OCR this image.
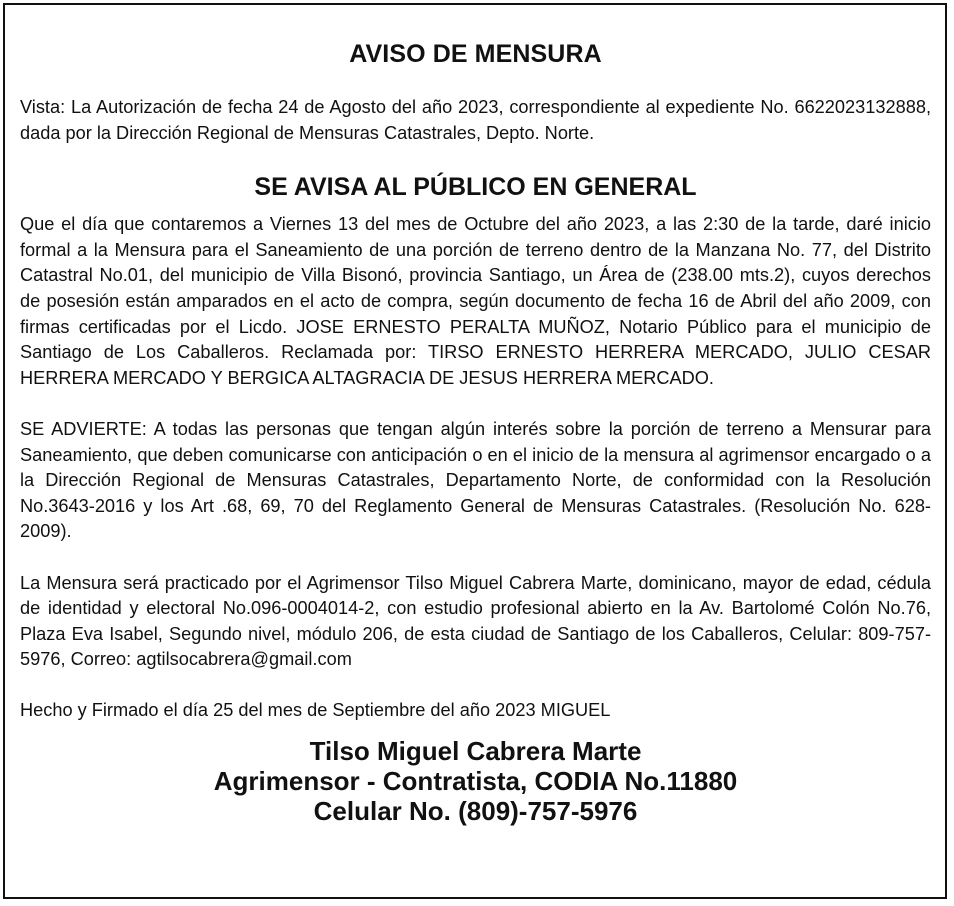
AVISO DE MENSURA

Vista: La Autorización de fecha 24 de Agosto del año 2023, correspondiente al expediente No. 6622023132888, dada por la Dirección Regional de Mensuras Catastrales, Depto. Norte.

SE AVISA AL PÚBLICO EN GENERAL

Que el día que contaremos a Viernes 13 del mes de Octubre del año 2023, a las 2:30 de la tarde, daré inicio formal a la Mensura para el Saneamiento de una porción de terreno dentro de la Manzana No. 77, del Distrito Catastral No.01, del municipio de Villa Bisonó, provincia Santiago, un Área de (238.00 mts.2), cuyos derechos de posesión están amparados en el acto de compra, según documento de fecha 16 de Abril del año 2009, con firmas certificadas por el Licdo. JOSE ERNESTO PERALTA MUÑOZ, Notario Público para el municipio de Santiago de Los Caballeros. Reclamada por: TIRSO ERNESTO HERRERA MERCADO, JULIO CESAR HERRERA MERCADO Y BERGICA ALTAGRACIA DE JESUS HERRERA MERCADO.

SE ADVIERTE: A todas las personas que tengan algún interés sobre la porción de terreno a Mensurar para Saneamiento, que deben comunicarse con anticipación o en el inicio de la mensura al agrimensor encargado o a la Dirección Regional de Mensuras Catastrales, Departamento Norte, de conformidad con la Resolución No.3643-2016 y los Art .68, 69, 70 del Reglamento General de Mensuras Catastrales. (Resolución No. 628-2009).

La Mensura será practicado por el Agrimensor Tilso Miguel Cabrera Marte, dominicano, mayor de edad, cédula de identidad y electoral No.096-0004014-2, con estudio profesional abierto en la Av. Bartolomé Colón No.76, Plaza Eva Isabel, Segundo nivel, módulo 206, de esta ciudad de Santiago de los Caballeros, Celular: 809-757-5976, Correo: agtilsocabrera@gmail.com

Hecho y Firmado el día 25 del mes de Septiembre del año 2023 MIGUEL

Tilso Miguel Cabrera Marte

Agrimensor - Contratista, CODIA No.11880

Celular No. (809)-757-5976
